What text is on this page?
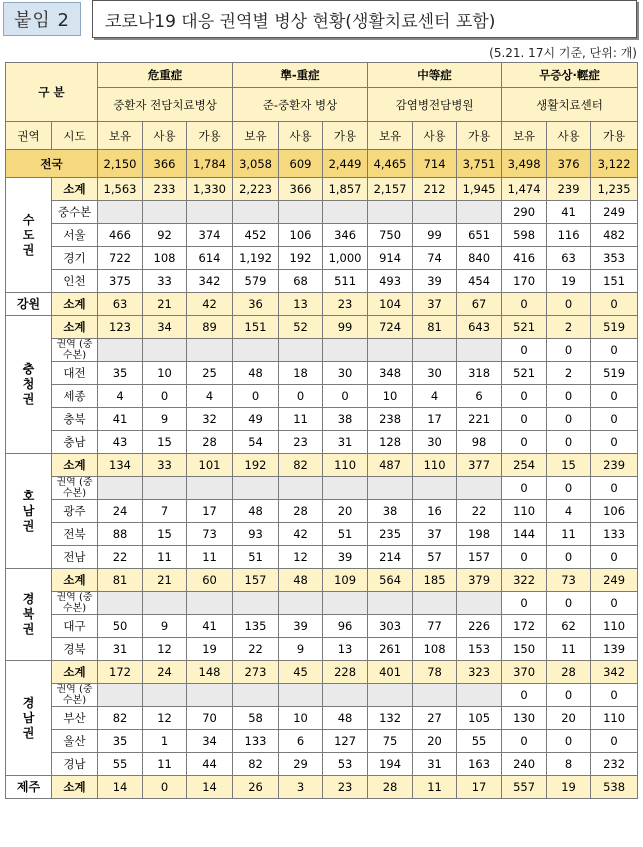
붙임 2	코로나19 대응 권역별 병상 현황(생활치료센터 포함)
(5.21. 17시 기준, 단위: 개)
구 분		危重症			準-重症			中等症			무증상·輕症		
		중환자 전담치료병상			준-중환자 병상			감염병전담병원			생활치료센터		
권역	시도	보유	사용	가용	보유	사용	가용	보유	사용	가용	보유	사용	가용
전국		2,150	366	1,784	3,058	609	2,449	4,465	714	3,751	3,498	376	3,122
수도권	소계	1,563	233	1,330	2,223	366	1,857	2,157	212	1,945	1,474	239	1,235
	중수본										290	41	249
	서울	466	92	374	452	106	346	750	99	651	598	116	482
	경기	722	108	614	1,192	192	1,000	914	74	840	416	63	353
	인천	375	33	342	579	68	511	493	39	454	170	19	151
강원	소계	63	21	42	36	13	23	104	37	67	0	0	0
충청권	소계	123	34	89	151	52	99	724	81	643	521	2	519
	권역 (중수본)										0	0	0
	대전	35	10	25	48	18	30	348	30	318	521	2	519
	세종	4	0	4	0	0	0	10	4	6	0	0	0
	충북	41	9	32	49	11	38	238	17	221	0	0	0
	충남	43	15	28	54	23	31	128	30	98	0	0	0
호남권	소계	134	33	101	192	82	110	487	110	377	254	15	239
	권역 (중수본)										0	0	0
	광주	24	7	17	48	28	20	38	16	22	110	4	106
	전북	88	15	73	93	42	51	235	37	198	144	11	133
	전남	22	11	11	51	12	39	214	57	157	0	0	0
경북권	소계	81	21	60	157	48	109	564	185	379	322	73	249
	권역 (중수본)										0	0	0
	대구	50	9	41	135	39	96	303	77	226	172	62	110
	경북	31	12	19	22	9	13	261	108	153	150	11	139
경남권	소계	172	24	148	273	45	228	401	78	323	370	28	342
	권역 (중수본)										0	0	0
	부산	82	12	70	58	10	48	132	27	105	130	20	110
	울산	35	1	34	133	6	127	75	20	55	0	0	0
	경남	55	11	44	82	29	53	194	31	163	240	8	232
제주	소계	14	0	14	26	3	23	28	11	17	557	19	538
